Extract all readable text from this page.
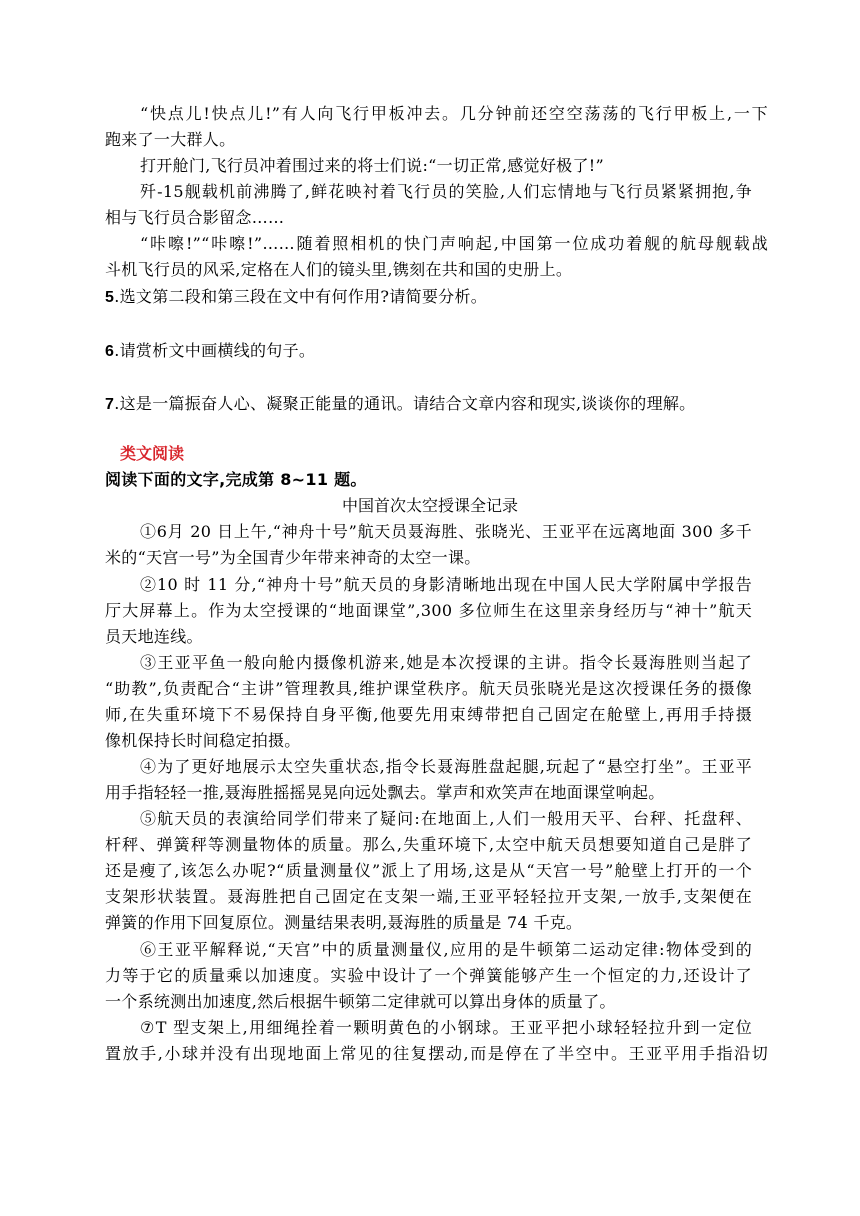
“快点儿!快点儿!”有人向飞行甲板冲去。几分钟前还空空荡荡的飞行甲板上,一下
跑来了一大群人。
打开舱门,飞行员冲着围过来的将士们说:“一切正常,感觉好极了!”
歼-15舰载机前沸腾了,鲜花映衬着飞行员的笑脸,人们忘情地与飞行员紧紧拥抱,争
相与飞行员合影留念……
“咔嚓!”“咔嚓!”……随着照相机的快门声响起,中国第一位成功着舰的航母舰载战
斗机飞行员的风采,定格在人们的镜头里,镌刻在共和国的史册上。
5.选文第二段和第三段在文中有何作用?请简要分析。
6.请赏析文中画横线的句子。
7.这是一篇振奋人心、凝聚正能量的通讯。请结合文章内容和现实,谈谈你的理解。
类文阅读
阅读下面的文字,完成第 8~11 题。
中国首次太空授课全记录
①6月 20 日上午,“神舟十号”航天员聂海胜、张晓光、王亚平在远离地面 300 多千
米的“天宫一号”为全国青少年带来神奇的太空一课。
②10 时 11 分,“神舟十号”航天员的身影清晰地出现在中国人民大学附属中学报告
厅大屏幕上。作为太空授课的“地面课堂”,300 多位师生在这里亲身经历与“神十”航天
员天地连线。
③王亚平鱼一般向舱内摄像机游来,她是本次授课的主讲。指令长聂海胜则当起了
“助教”,负责配合“主讲”管理教具,维护课堂秩序。航天员张晓光是这次授课任务的摄像
师,在失重环境下不易保持自身平衡,他要先用束缚带把自己固定在舱壁上,再用手持摄
像机保持长时间稳定拍摄。
④为了更好地展示太空失重状态,指令长聂海胜盘起腿,玩起了“悬空打坐”。王亚平
用手指轻轻一推,聂海胜摇摇晃晃向远处飘去。掌声和欢笑声在地面课堂响起。
⑤航天员的表演给同学们带来了疑问:在地面上,人们一般用天平、台秤、托盘秤、
杆秤、弹簧秤等测量物体的质量。那么,失重环境下,太空中航天员想要知道自己是胖了
还是瘦了,该怎么办呢?“质量测量仪”派上了用场,这是从“天宫一号”舱壁上打开的一个
支架形状装置。聂海胜把自己固定在支架一端,王亚平轻轻拉开支架,一放手,支架便在
弹簧的作用下回复原位。测量结果表明,聂海胜的质量是 74 千克。
⑥王亚平解释说,“天宫”中的质量测量仪,应用的是牛顿第二运动定律:物体受到的
力等于它的质量乘以加速度。实验中设计了一个弹簧能够产生一个恒定的力,还设计了
一个系统测出加速度,然后根据牛顿第二定律就可以算出身体的质量了。
⑦T 型支架上,用细绳拴着一颗明黄色的小钢球。王亚平把小球轻轻拉升到一定位
置放手,小球并没有出现地面上常见的往复摆动,而是停在了半空中。王亚平用手指沿切
